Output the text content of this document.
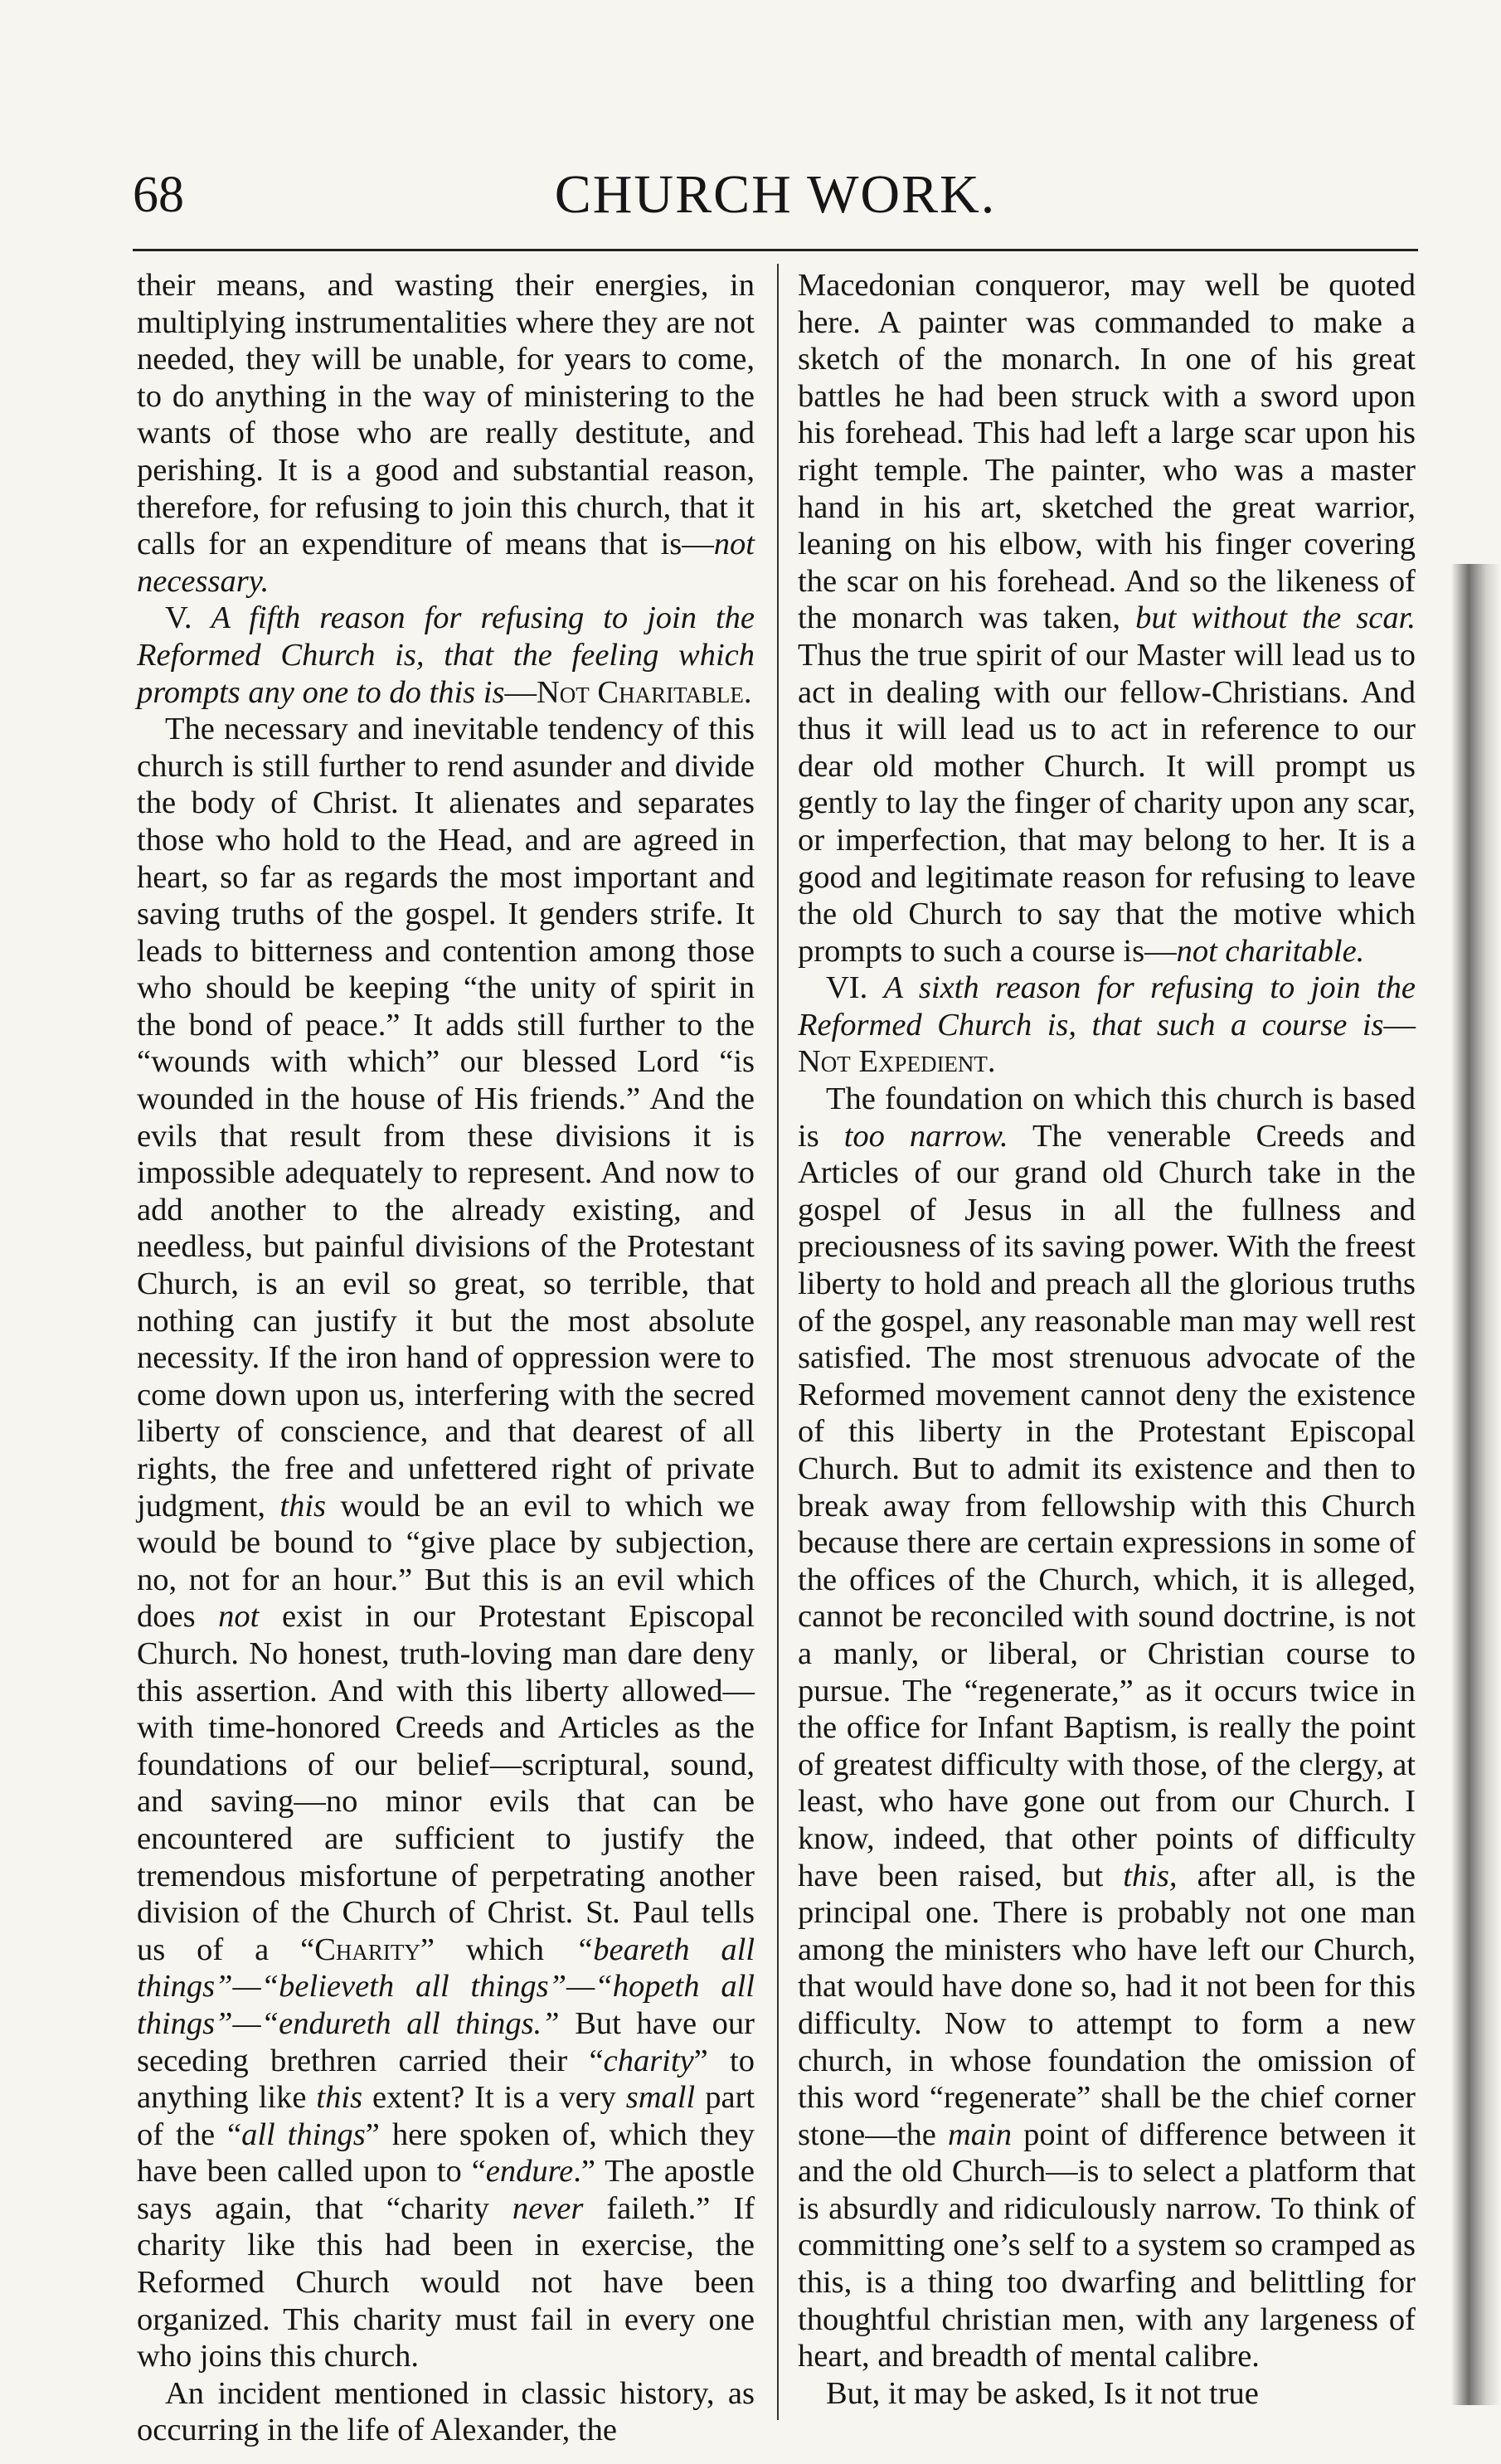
68	CHURCH WORK.

their means, and wasting their energies, in multiplying instrumentalities where they are not needed, they will be unable, for years to come, to do anything in the way of ministering to the wants of those who are really destitute, and perishing. It is a good and substantial reason, therefore, for refusing to join this church, that it calls for an expenditure of means that is—not necessary.

V. A fifth reason for refusing to join the Reformed Church is, that the feeling which prompts any one to do this is—Not Charitable.

The necessary and inevitable tendency of this church is still further to rend asunder and divide the body of Christ. It alienates and separates those who hold to the Head, and are agreed in heart, so far as regards the most important and saving truths of the gospel. It genders strife. It leads to bitterness and contention among those who should be keeping “the unity of spirit in the bond of peace.” It adds still further to the “wounds with which” our blessed Lord “is wounded in the house of His friends.” And the evils that result from these divisions it is impossible adequately to represent. And now to add another to the already existing, and needless, but painful divisions of the Protestant Church, is an evil so great, so terrible, that nothing can justify it but the most absolute necessity. If the iron hand of oppression were to come down upon us, interfering with the secred liberty of conscience, and that dearest of all rights, the free and unfettered right of private judgment, this would be an evil to which we would be bound to “give place by subjection, no, not for an hour.” But this is an evil which does not exist in our Protestant Episcopal Church. No honest, truth-loving man dare deny this assertion. And with this liberty allowed—with time-honored Creeds and Articles as the foundations of our belief—scriptural, sound, and saving—no minor evils that can be encountered are sufficient to justify the tremendous misfortune of perpetrating another division of the Church of Christ. St. Paul tells us of a “Charity” which “beareth all things”—“believeth all things”—“hopeth all things”—“endureth all things.” But have our seceding brethren carried their “charity” to anything like this extent? It is a very small part of the “all things” here spoken of, which they have been called upon to “endure.” The apostle says again, that “charity never faileth.” If charity like this had been in exercise, the Reformed Church would not have been organized. This charity must fail in every one who joins this church.

An incident mentioned in classic history, as occurring in the life of Alexander, the

Macedonian conqueror, may well be quoted here. A painter was commanded to make a sketch of the monarch. In one of his great battles he had been struck with a sword upon his forehead. This had left a large scar upon his right temple. The painter, who was a master hand in his art, sketched the great warrior, leaning on his elbow, with his finger covering the scar on his forehead. And so the likeness of the monarch was taken, but without the scar. Thus the true spirit of our Master will lead us to act in dealing with our fellow-Christians. And thus it will lead us to act in reference to our dear old mother Church. It will prompt us gently to lay the finger of charity upon any scar, or imperfection, that may belong to her. It is a good and legitimate reason for refusing to leave the old Church to say that the motive which prompts to such a course is—not charitable.

VI. A sixth reason for refusing to join the Reformed Church is, that such a course is—Not Expedient.

The foundation on which this church is based is too narrow. The venerable Creeds and Articles of our grand old Church take in the gospel of Jesus in all the fullness and preciousness of its saving power. With the freest liberty to hold and preach all the glorious truths of the gospel, any reasonable man may well rest satisfied. The most strenuous advocate of the Reformed movement cannot deny the existence of this liberty in the Protestant Episcopal Church. But to admit its existence and then to break away from fellowship with this Church because there are certain expressions in some of the offices of the Church, which, it is alleged, cannot be reconciled with sound doctrine, is not a manly, or liberal, or Christian course to pursue. The “regenerate,” as it occurs twice in the office for Infant Baptism, is really the point of greatest difficulty with those, of the clergy, at least, who have gone out from our Church. I know, indeed, that other points of difficulty have been raised, but this, after all, is the principal one. There is probably not one man among the ministers who have left our Church, that would have done so, had it not been for this difficulty. Now to attempt to form a new church, in whose foundation the omission of this word “regenerate” shall be the chief corner stone—the main point of difference between it and the old Church—is to select a platform that is absurdly and ridiculously narrow. To think of committing one’s self to a system so cramped as this, is a thing too dwarfing and belittling for thoughtful christian men, with any largeness of heart, and breadth of mental calibre.

But, it may be asked, Is it not true
